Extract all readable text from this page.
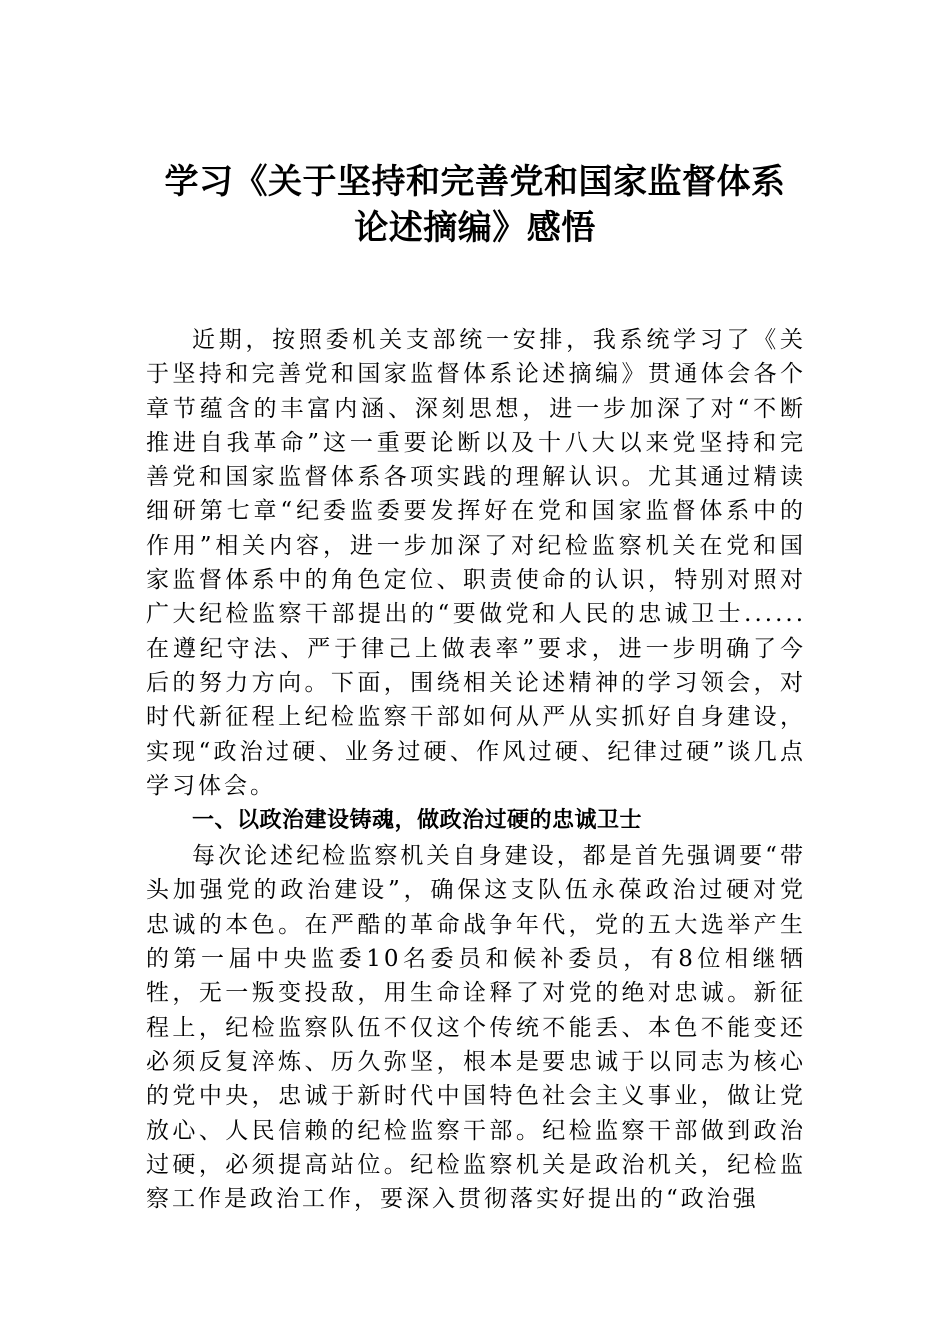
学习《关于坚持和完善党和国家监督体系
论述摘编》感悟

近期，按照委机关支部统一安排，我系统学习了《关于坚持和完善党和国家监督体系论述摘编》贯通体会各个章节蕴含的丰富内涵、深刻思想，进一步加深了对“不断推进自我革命”这一重要论断以及十八大以来党坚持和完善党和国家监督体系各项实践的理解认识。尤其通过精读细研第七章“纪委监委要发挥好在党和国家监督体系中的作用”相关内容，进一步加深了对纪检监察机关在党和国家监督体系中的角色定位、职责使命的认识，特别对照对广大纪检监察干部提出的“要做党和人民的忠诚卫士......在遵纪守法、严于律己上做表率”要求，进一步明确了今后的努力方向。下面，围绕相关论述精神的学习领会，对时代新征程上纪检监察干部如何从严从实抓好自身建设，实现“政治过硬、业务过硬、作风过硬、纪律过硬”谈几点学习体会。

一、以政治建设铸魂，做政治过硬的忠诚卫士

每次论述纪检监察机关自身建设，都是首先强调要“带头加强党的政治建设”，确保这支队伍永葆政治过硬对党忠诚的本色。在严酷的革命战争年代，党的五大选举产生的第一届中央监委10名委员和候补委员，有8位相继牺牲，无一叛变投敌，用生命诠释了对党的绝对忠诚。新征程上，纪检监察队伍不仅这个传统不能丢、本色不能变还必须反复淬炼、历久弥坚，根本是要忠诚于以同志为核心的党中央，忠诚于新时代中国特色社会主义事业，做让党放心、人民信赖的纪检监察干部。纪检监察干部做到政治过硬，必须提高站位。纪检监察机关是政治机关，纪检监察工作是政治工作，要深入贯彻落实好提出的“政治强
